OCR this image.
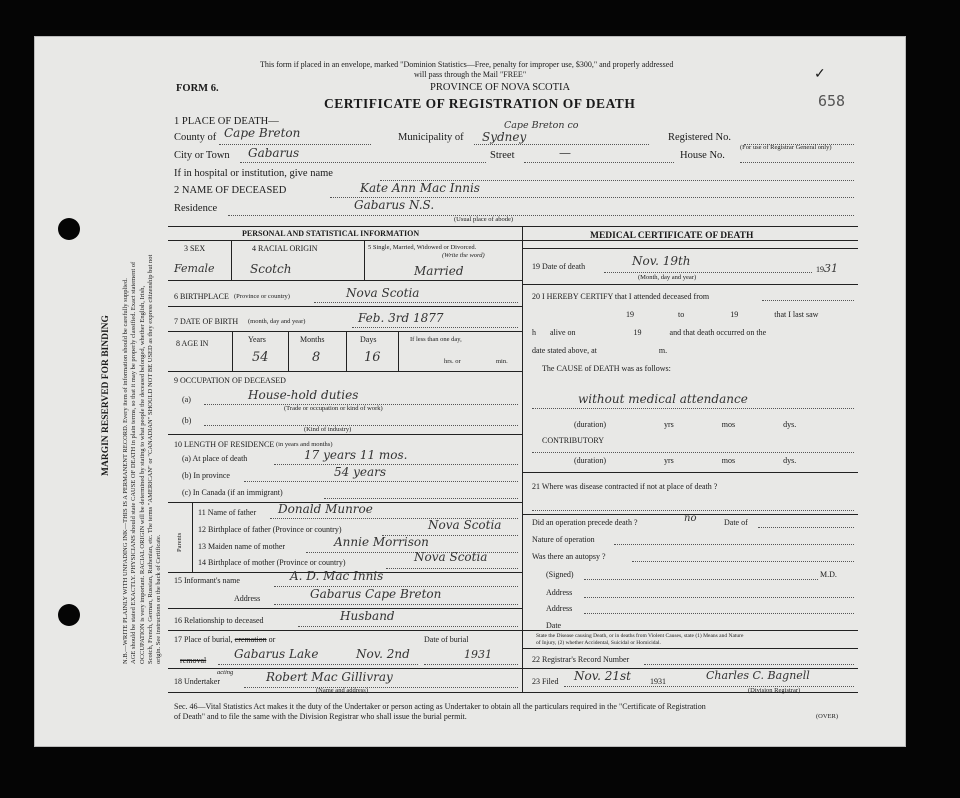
MARGIN RESERVED FOR BINDING N.B.—WRITE PLAINLY WITH UNFADING INK—THIS IS A PERMANENT RECORD. Every item of information should be carefully supplied. AGE should be stated EXACTLY. PHYSICIANS should state CAUSE OF DEATH in plain terms, so that it may be properly classified. Exact statement of OCCUPATION is very important. RACIAL ORIGIN will be determined by stating to what people the deceased belonged, whether English, Irish, Scotch, French, German, Russian, Ruthenian, etc. The terms "AMERICAN" or "CANADIAN" SHOULD NOT BE USED as they express citizenship but not origin. See instructions on the back of Certificate.
This form if placed in an envelope, marked "Dominion Statistics—Free, penalty for improper use, $300," and properly addressed
will pass through the Mail "FREE"
PROVINCE OF NOVA SCOTIA
FORM 6.
✓
CERTIFICATE OF REGISTRATION OF DEATH	658
1 PLACE OF DEATH—
County of Cape Breton	Municipality of Sydney
Cape Breton co
Registered No.
(For use of Registrar General only)
City or Town Gabarus	Street	—	House No.
If in hospital or institution, give name
2 NAME OF DECEASED	Kate Ann Mac Innis
Residence	Gabarus N.S.
(Usual place of abode)
PERSONAL AND STATISTICAL INFORMATION
3 SEX	4 RACIAL ORIGIN	5 Single, Married, Widowed or Divorced.
(Write the word)
Female	Scotch	Married
6 BIRTHPLACE (Province or country)	Nova Scotia
7 DATE OF BIRTH (month, day and year)	Feb. 3rd 1877
8 AGE IN	Years	Months	Days	If less than one day,
hrs. or	min.
54	8	16
9 OCCUPATION OF DECEASED
(a)	House-hold duties
(Trade or occupation or kind of work)
(b)
(Kind of industry)
10 LENGTH OF RESIDENCE (in years and months)
(a) At place of death	17 years 11 mos.
(b) In province	54 years
(c) In Canada (if an immigrant)
Parents
11 Name of father Donald Munroe
12 Birthplace of father (Province or country)	Nova Scotia
13 Maiden name of mother	Annie Morrison
14 Birthplace of mother (Province or country)	Nova Scotia
15 Informant's name	A. D. Mac Innis
Address	Gabarus Cape Breton
16 Relationship to deceased	Husband
17 Place of burial, cremation or	Date of burial
removal Gabarus Lake	Nov. 2nd	1931
18 Undertaker
acting	Robert Mac Gillivray
(Name and address)
MEDICAL CERTIFICATE OF DEATH
19 Date of death	Nov. 19th
1931
(Month, day and year)
20 I HEREBY CERTIFY that I attended deceased from
19	to	19	that I last saw
h alive on	19	and that death occurred on the
date stated above, at	m.
The CAUSE of DEATH was as follows:
without medical attendance
(duration)	yrs	mos	dys.
CONTRIBUTORY
(duration)	yrs	mos	dys.
21 Where was disease contracted if not at place of death ?
Did an operation precede death ?	no	Date of
Nature of operation
Was there an autopsy ?
(Signed)	M.D.
Address
Address
Date
State the Disease causing Death, or in deaths from Violent Causes, state (1) Means and Nature
of Injury, (2) whether Accidental, Suicidal or Homicidal.
22 Registrar's Record Number
23 Filed Nov. 21st 1931	Charles C. Bagnell
(Division Registrar)
Sec. 46—Vital Statistics Act makes it the duty of the Undertaker or person acting as Undertaker to obtain all the particulars required in the "Certificate of Registration
of Death" and to file the same with the Division Registrar who shall issue the burial permit.	(OVER)
